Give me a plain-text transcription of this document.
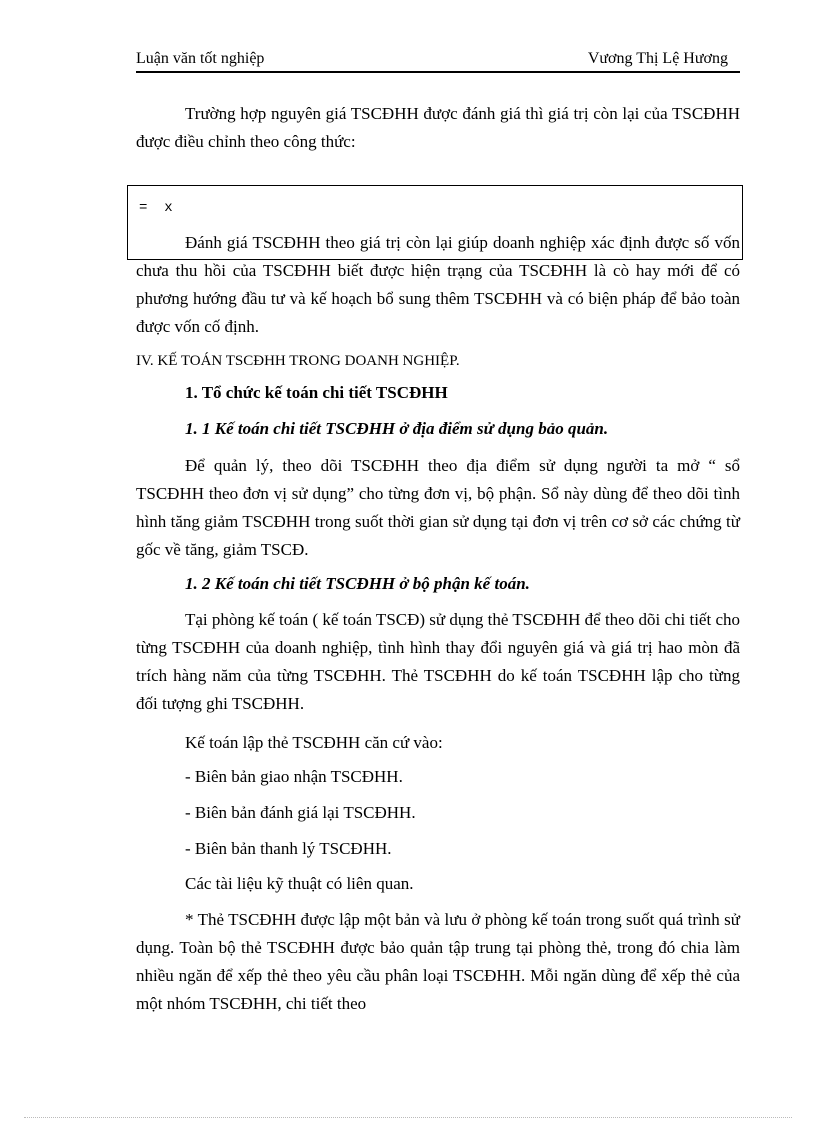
Luận văn tốt nghiệp	Vương Thị Lệ Hương

Trường hợp nguyên giá TSCĐHH được đánh giá thì giá trị còn lại của TSCĐHH được điều chỉnh theo công thức:

=  x

Đánh giá TSCĐHH theo giá trị còn lại giúp doanh nghiệp xác định được số vốn chưa thu hồi của TSCĐHH biết được hiện trạng của TSCĐHH là cò hay mới để có phương hướng đầu tư và kế hoạch bổ sung thêm TSCĐHH và có biện pháp để bảo toàn được vốn cố định.

IV. KẾ TOÁN TSCĐHH TRONG DOANH NGHIỆP.

1. Tổ chức kế toán chi tiết TSCĐHH

1. 1 Kế toán chi tiết TSCĐHH ở địa điểm sử dụng bảo quản.

Để quản lý, theo dõi TSCĐHH theo địa điểm sử dụng người ta mở “ sổ TSCĐHH theo đơn vị sử dụng” cho từng đơn vị, bộ phận. Sổ này dùng để theo dõi tình hình tăng giảm TSCĐHH trong suốt thời gian sử dụng tại đơn vị trên cơ sở các chứng từ gốc về tăng, giảm TSCĐ.

1. 2 Kế toán chi tiết TSCĐHH ở bộ phận kế toán.

Tại phòng kế toán ( kế toán TSCĐ) sử dụng thẻ TSCĐHH để theo dõi chi tiết cho từng TSCĐHH của doanh nghiệp, tình hình thay đổi nguyên giá và giá trị hao mòn đã trích hàng năm của từng TSCĐHH. Thẻ TSCĐHH do kế toán TSCĐHH lập cho từng đối tượng ghi TSCĐHH.

Kế toán lập thẻ TSCĐHH căn cứ vào:

- Biên bản giao nhận TSCĐHH.

- Biên bản đánh giá lại TSCĐHH.

- Biên bản thanh lý TSCĐHH.

Các tài liệu kỹ thuật có liên quan.

* Thẻ TSCĐHH được lập một bản và lưu ở phòng kế toán trong suốt quá trình sử dụng. Toàn bộ thẻ TSCĐHH được bảo quản tập trung tại phòng thẻ, trong đó chia làm nhiều ngăn để xếp thẻ theo yêu cầu phân loại TSCĐHH. Mỗi ngăn dùng để xếp thẻ của một nhóm TSCĐHH, chi tiết theo
